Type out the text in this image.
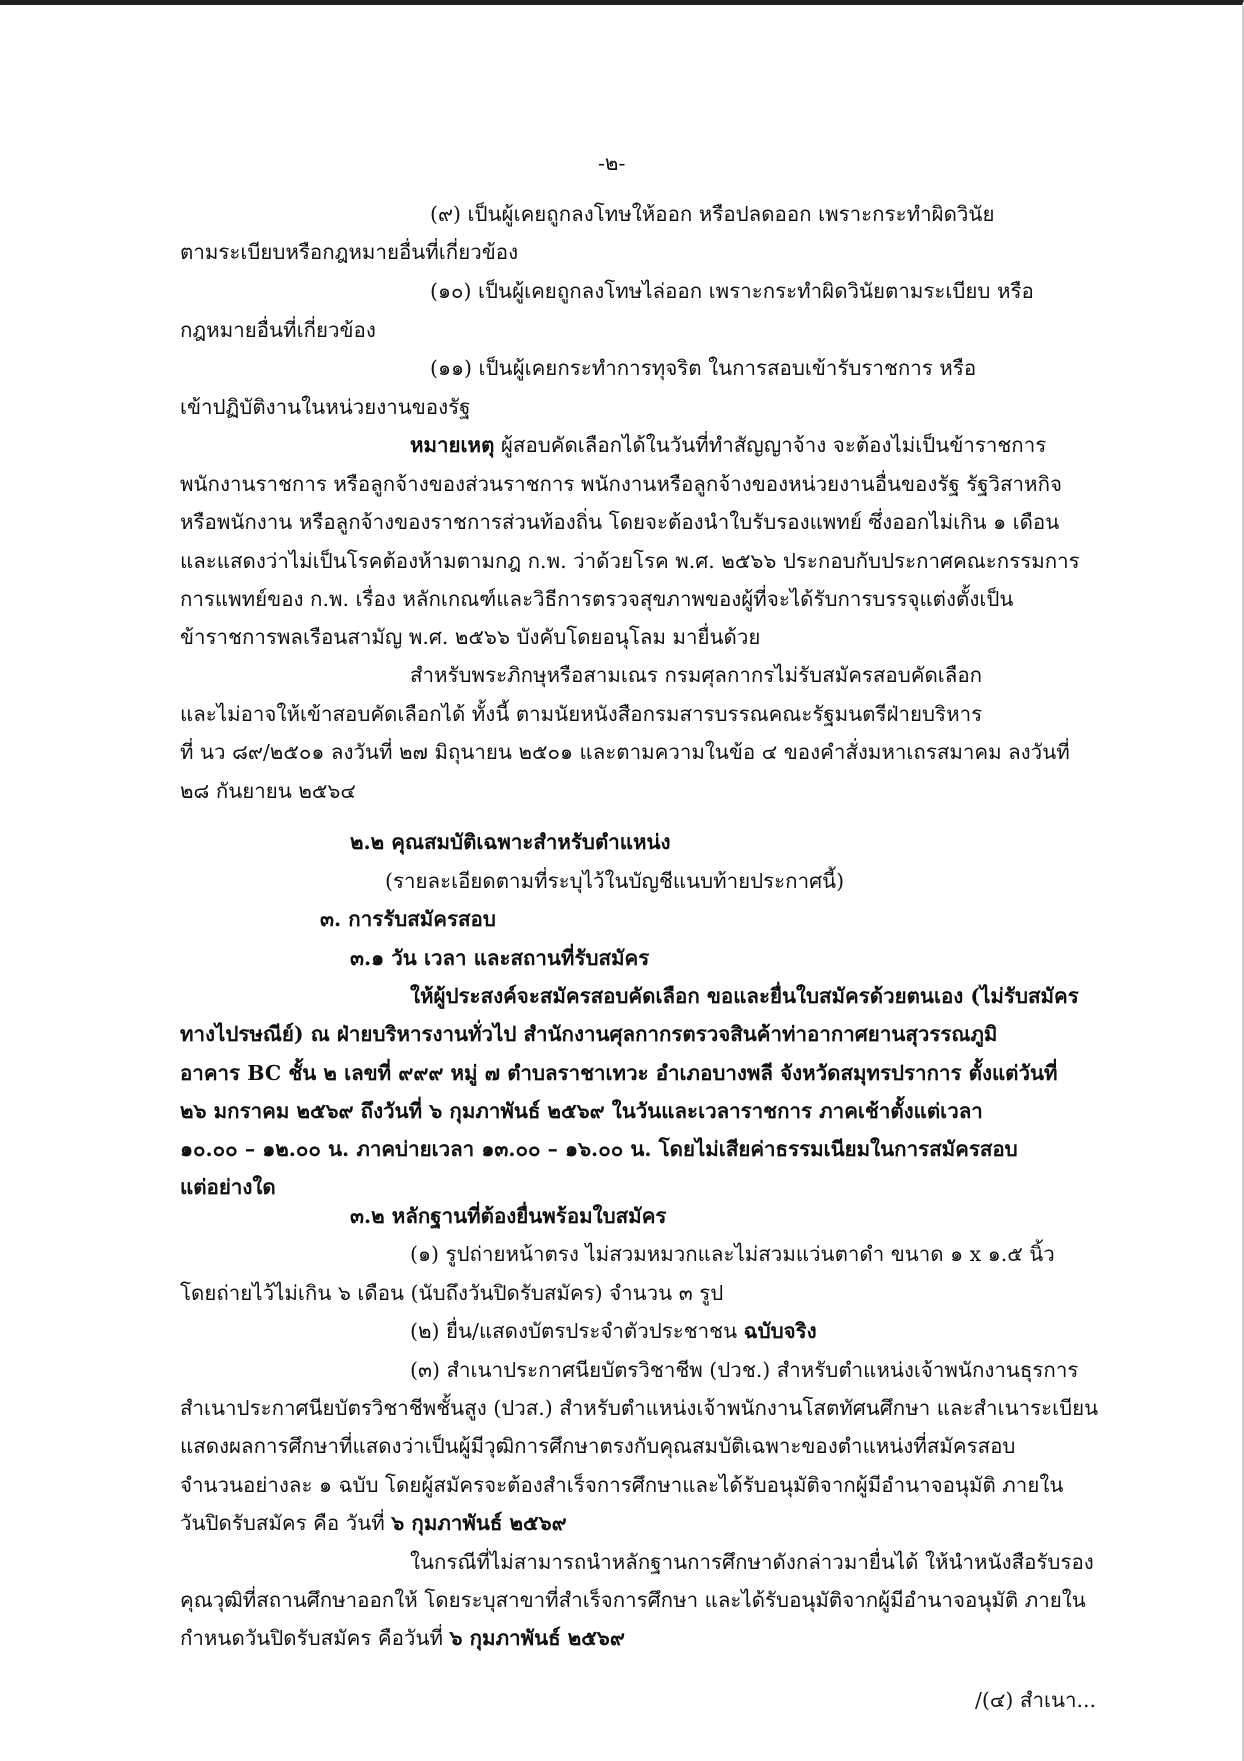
-๒-
(๙) เป็นผู้เคยถูกลงโทษให้ออก หรือปลดออก เพราะกระทำผิดวินัย
ตามระเบียบหรือกฎหมายอื่นที่เกี่ยวข้อง
(๑๐) เป็นผู้เคยถูกลงโทษไล่ออก เพราะกระทำผิดวินัยตามระเบียบ หรือ
กฎหมายอื่นที่เกี่ยวข้อง
(๑๑) เป็นผู้เคยกระทำการทุจริต ในการสอบเข้ารับราชการ หรือ
เข้าปฏิบัติงานในหน่วยงานของรัฐ
หมายเหตุ ผู้สอบคัดเลือกได้ในวันที่ทำสัญญาจ้าง จะต้องไม่เป็นข้าราชการ
พนักงานราชการ หรือลูกจ้างของส่วนราชการ พนักงานหรือลูกจ้างของหน่วยงานอื่นของรัฐ รัฐวิสาหกิจ
หรือพนักงาน หรือลูกจ้างของราชการส่วนท้องถิ่น โดยจะต้องนำใบรับรองแพทย์ ซึ่งออกไม่เกิน ๑ เดือน
และแสดงว่าไม่เป็นโรคต้องห้ามตามกฎ ก.พ. ว่าด้วยโรค พ.ศ. ๒๕๖๖ ประกอบกับประกาศคณะกรรมการ
การแพทย์ของ ก.พ. เรื่อง หลักเกณฑ์และวิธีการตรวจสุขภาพของผู้ที่จะได้รับการบรรจุแต่งตั้งเป็น
ข้าราชการพลเรือนสามัญ พ.ศ. ๒๕๖๖ บังคับโดยอนุโลม มายื่นด้วย
สำหรับพระภิกษุหรือสามเณร กรมศุลกากรไม่รับสมัครสอบคัดเลือก
และไม่อาจให้เข้าสอบคัดเลือกได้ ทั้งนี้ ตามนัยหนังสือกรมสารบรรณคณะรัฐมนตรีฝ่ายบริหาร
ที่ นว ๘๙/๒๕๐๑ ลงวันที่ ๒๗ มิถุนายน ๒๕๐๑ และตามความในข้อ ๔ ของคำสั่งมหาเถรสมาคม ลงวันที่
๒๘ กันยายน ๒๕๖๔
๒.๒ คุณสมบัติเฉพาะสำหรับตำแหน่ง
(รายละเอียดตามที่ระบุไว้ในบัญชีแนบท้ายประกาศนี้)
๓. การรับสมัครสอบ
๓.๑ วัน เวลา และสถานที่รับสมัคร
ให้ผู้ประสงค์จะสมัครสอบคัดเลือก ขอและยื่นใบสมัครด้วยตนเอง (ไม่รับสมัคร
ทางไปรษณีย์) ณ ฝ่ายบริหารงานทั่วไป สำนักงานศุลกากรตรวจสินค้าท่าอากาศยานสุวรรณภูมิ
อาคาร BC ชั้น ๒ เลขที่ ๙๙๙ หมู่ ๗ ตำบลราชาเทวะ อำเภอบางพลี จังหวัดสมุทรปราการ ตั้งแต่วันที่
๒๖ มกราคม ๒๕๖๙ ถึงวันที่ ๖ กุมภาพันธ์ ๒๕๖๙ ในวันและเวลาราชการ ภาคเช้าตั้งแต่เวลา
๑๐.๐๐ – ๑๒.๐๐ น. ภาคบ่ายเวลา ๑๓.๐๐ – ๑๖.๐๐ น. โดยไม่เสียค่าธรรมเนียมในการสมัครสอบ
แต่อย่างใด
๓.๒ หลักฐานที่ต้องยื่นพร้อมใบสมัคร
(๑) รูปถ่ายหน้าตรง ไม่สวมหมวกและไม่สวมแว่นตาดำ ขนาด ๑ x ๑.๕ นิ้ว
โดยถ่ายไว้ไม่เกิน ๖ เดือน (นับถึงวันปิดรับสมัคร) จำนวน ๓ รูป
(๒) ยื่น/แสดงบัตรประจำตัวประชาชน ฉบับจริง
(๓) สำเนาประกาศนียบัตรวิชาชีพ (ปวช.) สำหรับตำแหน่งเจ้าพนักงานธุรการ
สำเนาประกาศนียบัตรวิชาชีพชั้นสูง (ปวส.) สำหรับตำแหน่งเจ้าพนักงานโสตทัศนศึกษา และสำเนาระเบียน
แสดงผลการศึกษาที่แสดงว่าเป็นผู้มีวุฒิการศึกษาตรงกับคุณสมบัติเฉพาะของตำแหน่งที่สมัครสอบ
จำนวนอย่างละ ๑ ฉบับ โดยผู้สมัครจะต้องสำเร็จการศึกษาและได้รับอนุมัติจากผู้มีอำนาจอนุมัติ ภายใน
วันปิดรับสมัคร คือ วันที่ ๖ กุมภาพันธ์ ๒๕๖๙
ในกรณีที่ไม่สามารถนำหลักฐานการศึกษาดังกล่าวมายื่นได้ ให้นำหนังสือรับรอง
คุณวุฒิที่สถานศึกษาออกให้ โดยระบุสาขาที่สำเร็จการศึกษา และได้รับอนุมัติจากผู้มีอำนาจอนุมัติ ภายใน
กำหนดวันปิดรับสมัคร คือวันที่ ๖ กุมภาพันธ์ ๒๕๖๙
/(๔) สำเนา...
